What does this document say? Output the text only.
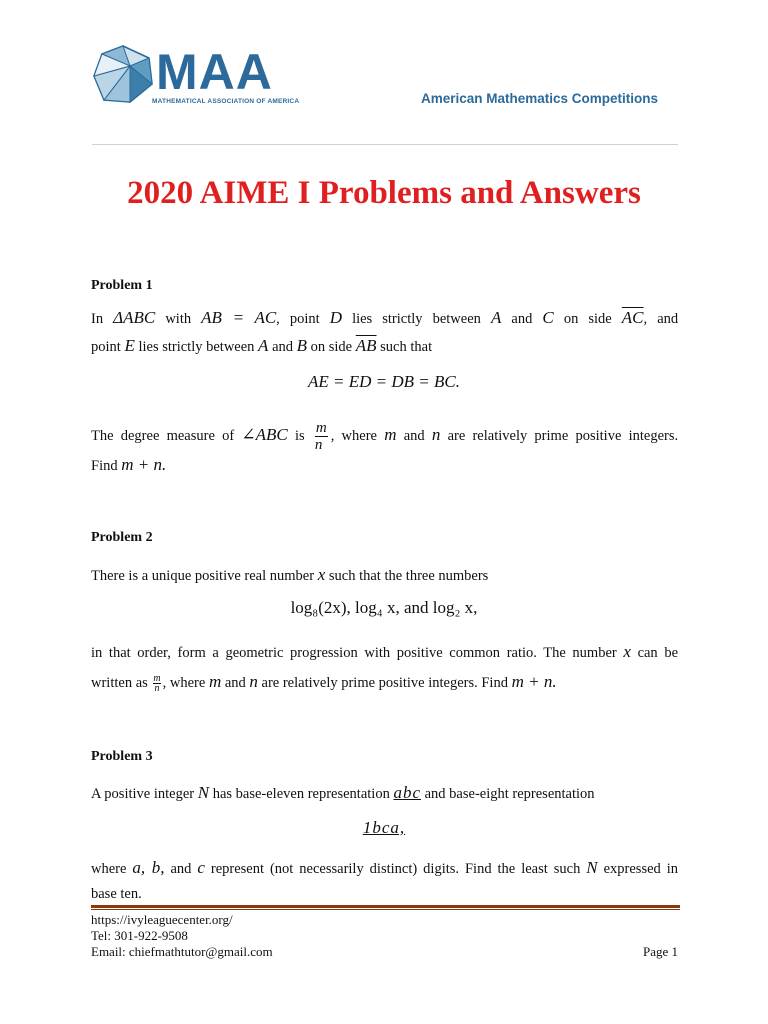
MAA
MATHEMATICAL ASSOCIATION OF AMERICA	American Mathematics Competitions
2020 AIME I Problems and Answers
Problem 1
In ΔABC with AB = AC, point D lies strictly between A and C on side $\overline{AC}$, and
point E lies strictly between A and B on side $\overline{AB}$ such that
AE = ED = DB = BC.
The degree measure of ∠ABC is $\frac{m}{n}$ , where m and n are relatively prime positive integers.
Find m + n.
Problem 2
There is a unique positive real number x such that the three numbers
log₈(2x), log₄ x, and log₂ x,
in that order, form a geometric progression with positive common ratio. The number x can be
written as $\frac{m}{n}$ , where m and n are relatively prime positive integers. Find m + n.
Problem 3
A positive integer N has base-eleven representation abc and base-eight representation
1bca,
where a, b, and c represent (not necessarily distinct) digits. Find the least such N expressed in
base ten.
https://ivyleaguecenter.org/
Tel: 301-922-9508
Email: chiefmathtutor@gmail.com	Page 1
